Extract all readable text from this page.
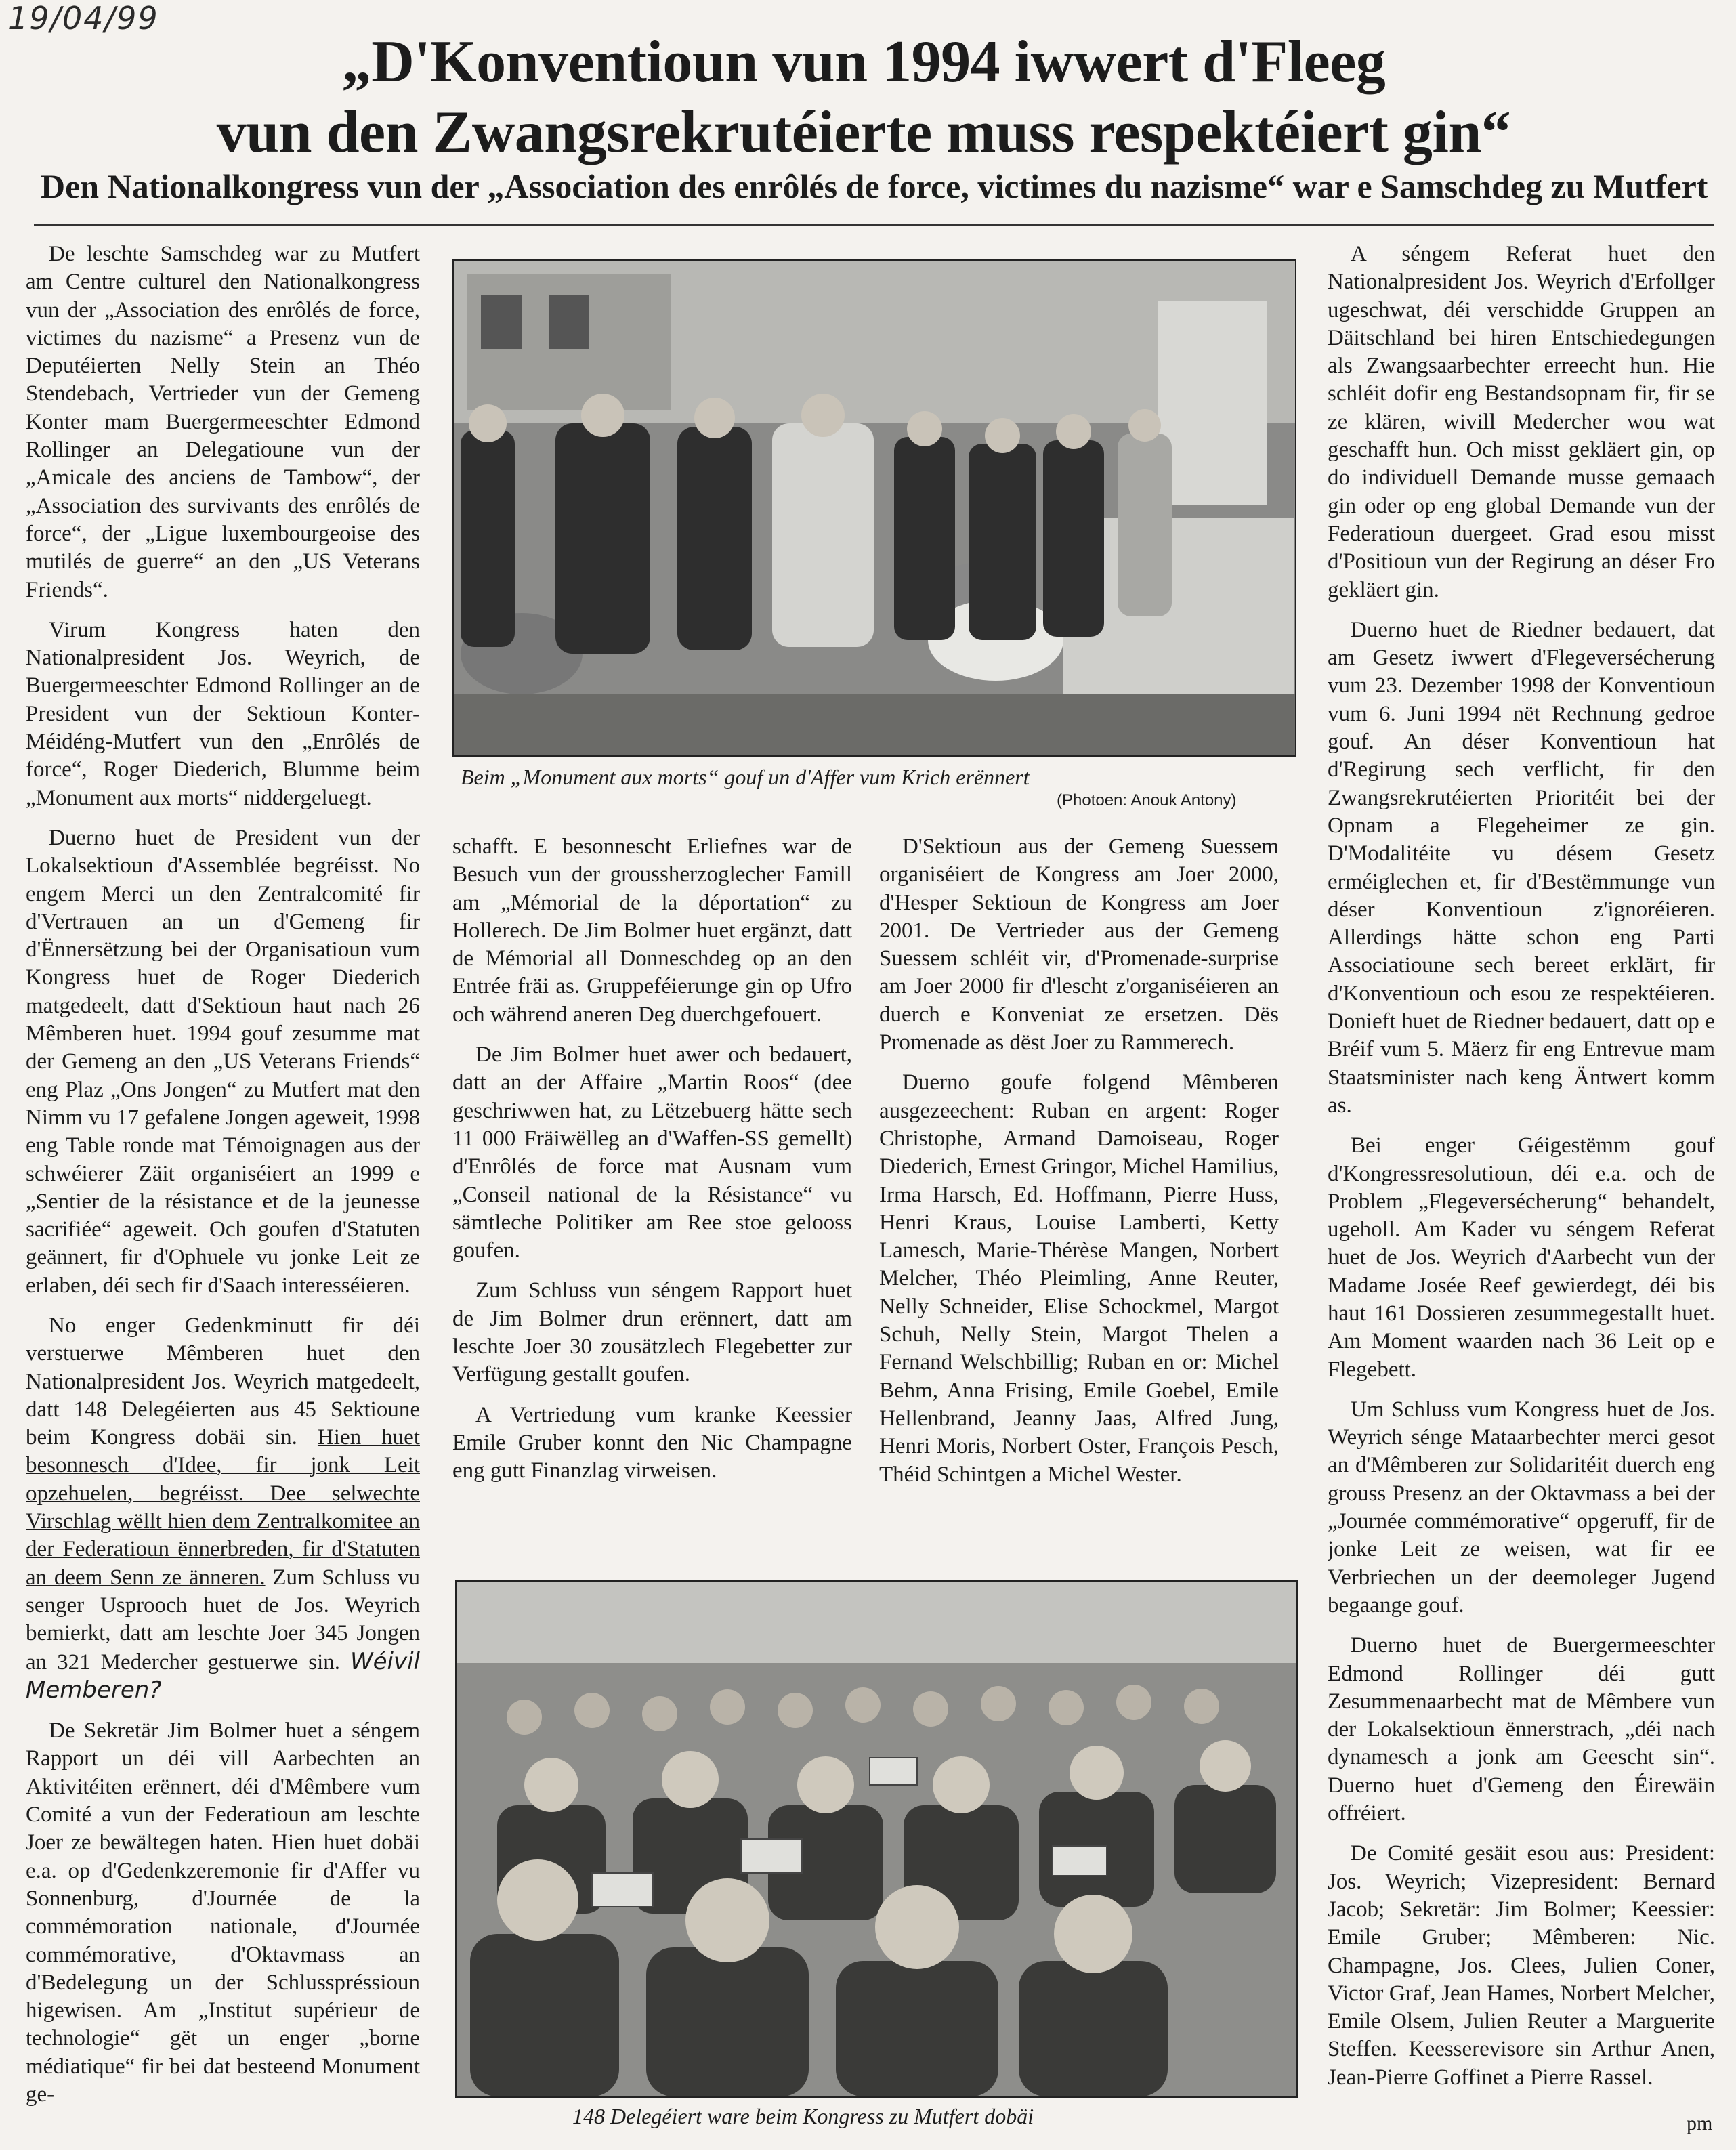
19/04/99
„D'Konventioun vun 1994 iwwert d'Fleeg
vun den Zwangsrekrutéierte muss respektéiert gin“
Den Nationalkongress vun der „Association des enrôlés de force, victimes du nazisme“ war e Samschdeg zu Mutfert

De leschte Samschdeg war zu Mutfert am Centre culturel den Nationalkongress vun der „Association des enrôlés de force, victimes du nazisme“ a Presenz vun de Deputéierten Nelly Stein an Théo Stendebach, Vertrieder vun der Gemeng Konter mam Buergermeeschter Edmond Rollinger an Delegatioune vun der „Amicale des anciens de Tambow“, der „Association des survivants des enrôlés de force“, der „Ligue luxembourgeoise des mutilés de guerre“ an den „US Veterans Friends“.

Virum Kongress haten den Nationalpresident Jos. Weyrich, de Buergermeeschter Edmond Rollinger an de President vun der Sektioun Konter-Méidéng-Mutfert vun den „Enrôlés de force“, Roger Diederich, Blumme beim „Monument aux morts“ niddergeluegt.

Duerno huet de President vun der Lokalsektioun d'Assemblée begréisst. No engem Merci un den Zentralcomité fir d'Vertrauen an un d'Gemeng fir d'Ënnersëtzung bei der Organisatioun vum Kongress huet de Roger Diederich matgedeelt, datt d'Sektioun haut nach 26 Mêmberen huet. 1994 gouf zesumme mat der Gemeng an den „US Veterans Friends“ eng Plaz „Ons Jongen“ zu Mutfert mat den Nimm vu 17 gefalene Jongen ageweit, 1998 eng Table ronde mat Témoignagen aus der schwéierer Zäit organiséiert an 1999 e „Sentier de la résistance et de la jeunesse sacrifiée“ ageweit. Och goufen d'Statuten geännert, fir d'Ophuele vu jonke Leit ze erlaben, déi sech fir d'Saach interesséieren.

No enger Gedenkminutt fir déi verstuerwe Mêmberen huet den Nationalpresident Jos. Weyrich matgedeelt, datt 148 Delegéierten aus 45 Sektioune beim Kongress dobäi sin. Hien huet besonnesch d'Idee, fir jonk Leit opzehuelen, begréisst. Dee selwechte Virschlag wëllt hien dem Zentralkomitee an der Federatioun ënnerbreden, fir d'Statuten an deem Senn ze änneren. Zum Schluss vu senger Usprooch huet de Jos. Weyrich bemierkt, datt am leschte Joer 345 Jongen an 321 Medercher gestuerwe sin. Wéivil Memberen?

De Sekretär Jim Bolmer huet a séngem Rapport un déi vill Aarbechten an Aktivitéiten erënnert, déi d'Mêmbere vum Comité a vun der Federatioun am leschte Joer ze bewältegen haten. Hien huet dobäi e.a. op d'Gedenkzeremonie fir d'Affer vu Sonnenburg, d'Journée de la commémoration nationale, d'Journée commémorative, d'Oktavmass an d'Bedelegung un der Schlusspréssioun higewisen. Am „Institut supérieur de technologie“ gët un enger „borne médiatique“ fir bei dat besteend Monument ge-

Beim „Monument aux morts“ gouf un d'Affer vum Krich erënnert
(Photoen: Anouk Antony)

schafft. E besonnescht Erliefnes war de Besuch vun der groussherzoglecher Famill am „Mémorial de la déportation“ zu Hollerech. De Jim Bolmer huet ergänzt, datt de Mémorial all Donneschdeg op an den Entrée fräi as. Gruppeféierunge gin op Ufro och während aneren Deg duerchgefouert.

De Jim Bolmer huet awer och bedauert, datt an der Affaire „Martin Roos“ (dee geschriwwen hat, zu Lëtzebuerg hätte sech 11 000 Fräiwëlleg an d'Waffen-SS gemellt) d'Enrôlés de force mat Ausnam vum „Conseil national de la Résistance“ vu sämtleche Politiker am Ree stoe gelooss goufen.

Zum Schluss vun séngem Rapport huet de Jim Bolmer drun erënnert, datt am leschte Joer 30 zousätzlech Flegebetter zur Verfügung gestallt goufen.

A Vertriedung vum kranke Keessier Emile Gruber konnt den Nic Champagne eng gutt Finanzlag virweisen.

D'Sektioun aus der Gemeng Suessem organiséiert de Kongress am Joer 2000, d'Hesper Sektioun de Kongress am Joer 2001. De Vertrieder aus der Gemeng Suessem schléit vir, d'Promenade-surprise am Joer 2000 fir d'lescht z'organiséieren an duerch e Konveniat ze ersetzen. Dës Promenade as dëst Joer zu Rammerech.

Duerno goufe folgend Mêmberen ausgezeechent: Ruban en argent: Roger Christophe, Armand Damoiseau, Roger Diederich, Ernest Gringor, Michel Hamilius, Irma Harsch, Ed. Hoffmann, Pierre Huss, Henri Kraus, Louise Lamberti, Ketty Lamesch, Marie-Thérèse Mangen, Norbert Melcher, Théo Pleimling, Anne Reuter, Nelly Schneider, Elise Schockmel, Margot Schuh, Nelly Stein, Margot Thelen a Fernand Welschbillig; Ruban en or: Michel Behm, Anna Frising, Emile Goebel, Emile Hellenbrand, Jeanny Jaas, Alfred Jung, Henri Moris, Norbert Oster, François Pesch, Théid Schintgen a Michel Wester.

148 Delegéiert ware beim Kongress zu Mutfert dobäi

A séngem Referat huet den Nationalpresident Jos. Weyrich d'Erfollger ugeschwat, déi verschidde Gruppen an Däitschland bei hiren Entschiedegungen als Zwangsaarbechter erreecht hun. Hie schléit dofir eng Bestandsopnam fir, fir se ze klären, wivill Medercher wou wat geschafft hun. Och misst gekläert gin, op do individuell Demande musse gemaach gin oder op eng global Demande vun der Federatioun duergeet. Grad esou misst d'Positioun vun der Regirung an déser Fro gekläert gin.

Duerno huet de Riedner bedauert, dat am Gesetz iwwert d'Flegeversécherung vum 23. Dezember 1998 der Konventioun vum 6. Juni 1994 nët Rechnung gedroe gouf. An déser Konventioun hat d'Regirung sech verflicht, fir den Zwangsrekrutéierten Prioritéit bei der Opnam a Flegeheimer ze gin. D'Modalitéite vu désem Gesetz erméiglechen et, fir d'Bestëmmunge vun déser Konventioun z'ignoréieren. Allerdings hätte schon eng Parti Associatioune sech bereet erklärt, fir d'Konventioun och esou ze respektéieren. Donieft huet de Riedner bedauert, datt op e Bréif vum 5. Mäerz fir eng Entrevue mam Staatsminister nach keng Äntwert komm as.

Bei enger Géigestëmm gouf d'Kongressresolutioun, déi e.a. och de Problem „Flegeversécherung“ behandelt, ugeholl. Am Kader vu séngem Referat huet de Jos. Weyrich d'Aarbecht vun der Madame Josée Reef gewierdegt, déi bis haut 161 Dossieren zesummegestallt huet. Am Moment waarden nach 36 Leit op e Flegebett.

Um Schluss vum Kongress huet de Jos. Weyrich sénge Mataarbechter merci gesot an d'Mêmberen zur Solidaritéit duerch eng grouss Presenz an der Oktavmass a bei der „Journée commémorative“ opgeruff, fir de jonke Leit ze weisen, wat fir ee Verbriechen un der deemoleger Jugend begaange gouf.

Duerno huet de Buergermeeschter Edmond Rollinger déi gutt Zesummenaarbecht mat de Mêmbere vun der Lokalsektioun ënnerstrach, „déi nach dynamesch a jonk am Geescht sin“. Duerno huet d'Gemeng den Éirewäin offréiert.

De Comité gesäit esou aus: President: Jos. Weyrich; Vizepresident: Bernard Jacob; Sekretär: Jim Bolmer; Keessier: Emile Gruber; Mêmberen: Nic. Champagne, Jos. Clees, Julien Coner, Victor Graf, Jean Hames, Norbert Melcher, Emile Olsem, Julien Reuter a Marguerite Steffen. Keesserevisore sin Arthur Anen, Jean-Pierre Goffinet a Pierre Rassel.

pm
